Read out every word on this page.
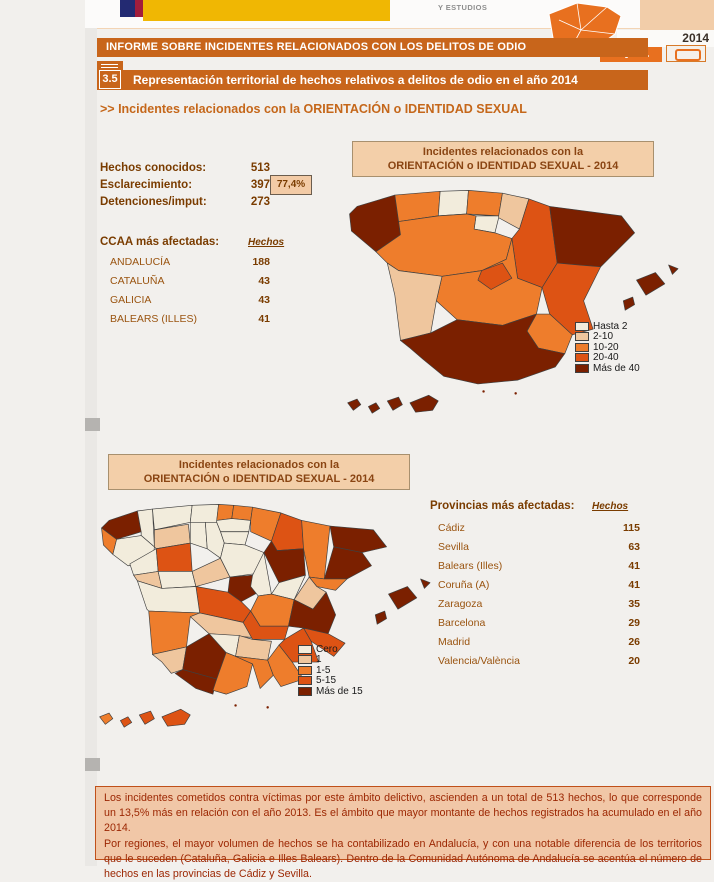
Y ESTUDIOS
2014
INFORME SOBRE INCIDENTES RELACIONADOS CON LOS DELITOS DE ODIO
Representación territorial de hechos relativos a delitos de odio en el año 2014
3.5
>> Incidentes relacionados con la ORIENTACIÓN o IDENTIDAD SEXUAL
Hechos conocidos:	513
Esclarecimiento:	397
Detenciones/imput:	273
77,4%
CCAA más afectadas:	Hechos
ANDALUCÍA	188
CATALUÑA	43
GALICIA	43
BALEARS (ILLES)	41
Incidentes relacionados con la
ORIENTACIÓN o IDENTIDAD SEXUAL - 2014
Hasta 2
2-10
10-20
20-40
Más de 40
Incidentes relacionados con la
ORIENTACIÓN o IDENTIDAD SEXUAL - 2014
Cero
1
1-5
5-15
Más de 15
Provincias más afectadas: Hechos
Cádiz	115
Sevilla	63
Balears (Illes)	41
Coruña (A)	41
Zaragoza	35
Barcelona	29
Madrid	26
Valencia/València	20

Los incidentes cometidos contra víctimas por este ámbito delictivo, ascienden a un total de 513 hechos, lo que corresponde un 13,5% más en relación con el año 2013. Es el ámbito que mayor montante de hechos registrados ha acumulado en el año 2014.

Por regiones, el mayor volumen de hechos se ha contabilizado en Andalucía, y con una notable diferencia de los territorios que le suceden (Cataluña, Galicia e Illes Balears). Dentro de la Comunidad Autónoma de Andalucía se acentúa el número de hechos en las provincias de Cádiz y Sevilla.
